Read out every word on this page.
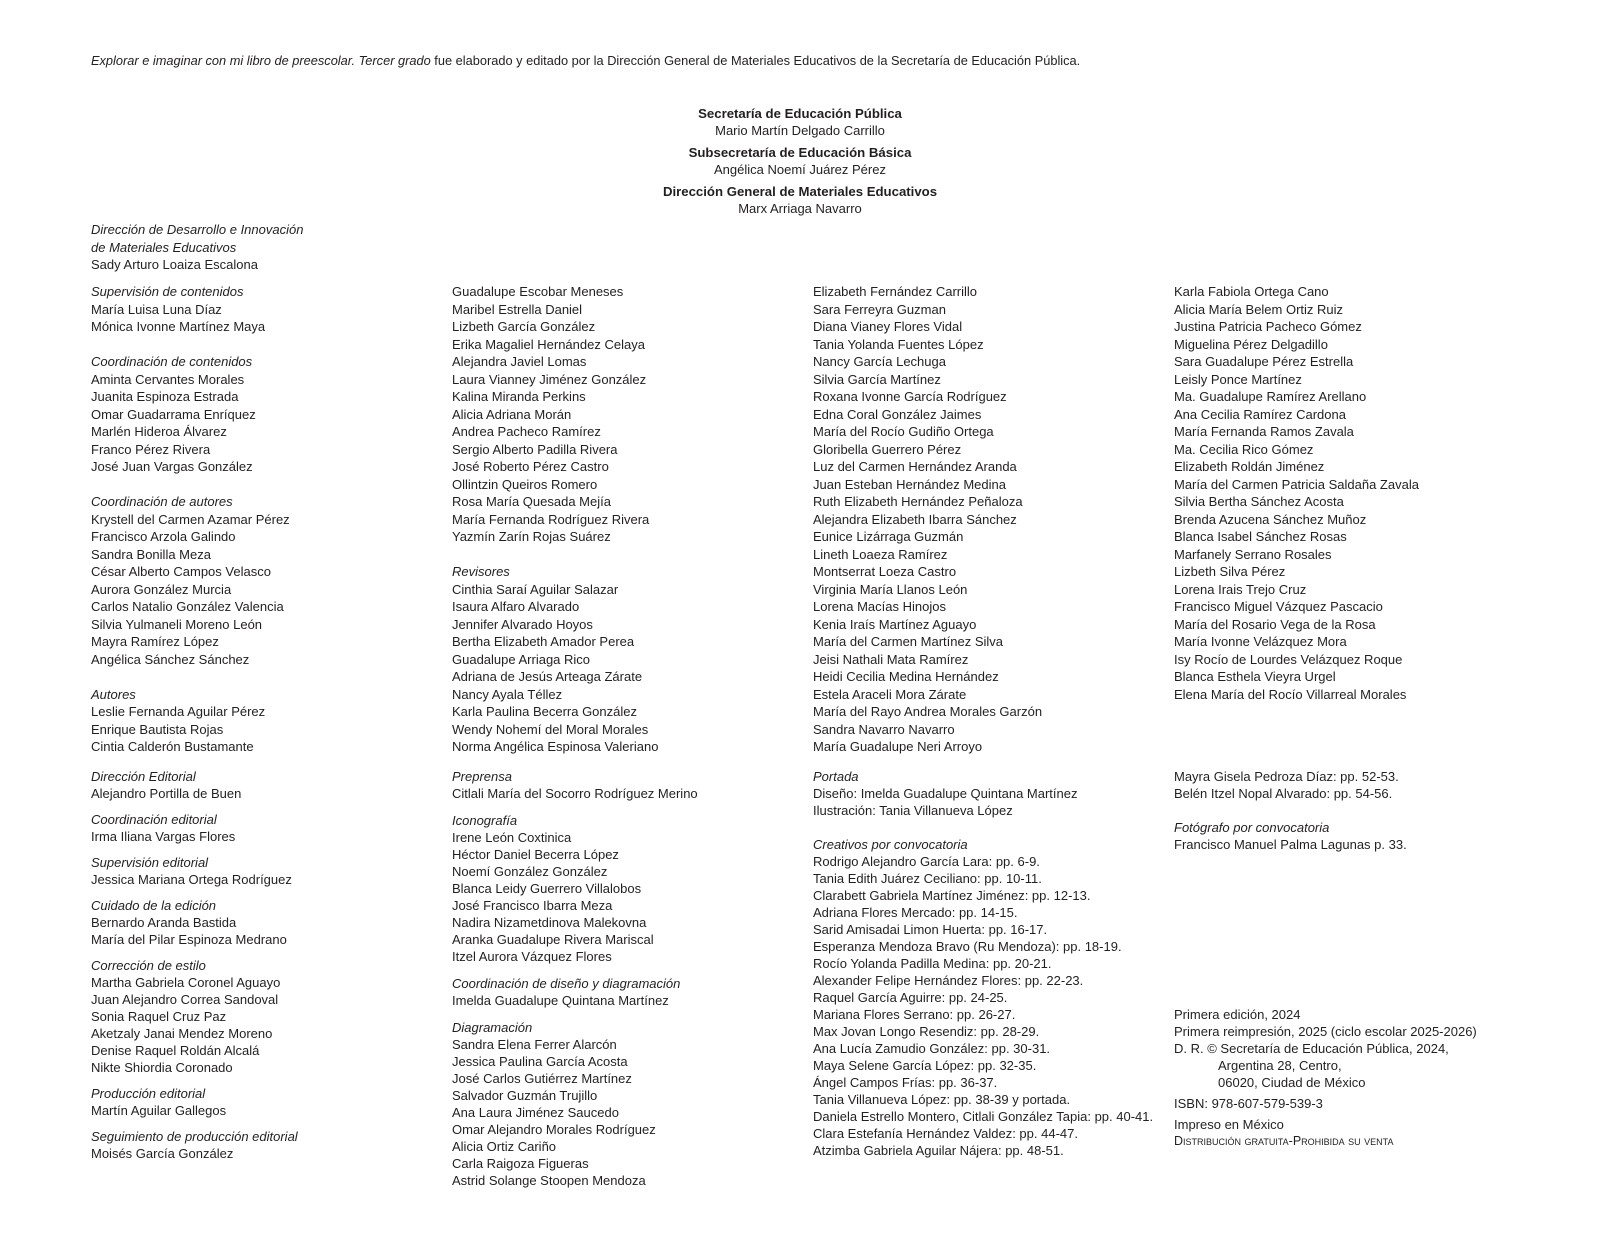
Explorar e imaginar con mi libro de preescolar. Tercer grado fue elaborado y editado por la Dirección General de Materiales Educativos de la Secretaría de Educación Pública.
Secretaría de Educación Pública
Mario Martín Delgado Carrillo
Subsecretaría de Educación Básica
Angélica Noemí Juárez Pérez
Dirección General de Materiales Educativos
Marx Arriaga Navarro
Dirección de Desarrollo e Innovación
de Materiales Educativos
Sady Arturo Loaiza Escalona
Supervisión de contenidos
María Luisa Luna Díaz
Mónica Ivonne Martínez Maya
Coordinación de contenidos
Aminta Cervantes Morales
Juanita Espinoza Estrada
Omar Guadarrama Enríquez
Marlén Hideroa Álvarez
Franco Pérez Rivera
José Juan Vargas González
Coordinación de autores
Krystell del Carmen Azamar Pérez
Francisco Arzola Galindo
Sandra Bonilla Meza
César Alberto Campos Velasco
Aurora González Murcia
Carlos Natalio González Valencia
Silvia Yulmaneli Moreno León
Mayra Ramírez López
Angélica Sánchez Sánchez
Autores
Leslie Fernanda Aguilar Pérez
Enrique Bautista Rojas
Cintia Calderón Bustamante
Guadalupe Escobar Meneses
Maribel Estrella Daniel
Lizbeth García González
Erika Magaliel Hernández Celaya
Alejandra Javiel Lomas
Laura Vianney Jiménez González
Kalina Miranda Perkins
Alicia Adriana Morán
Andrea Pacheco Ramírez
Sergio Alberto Padilla Rivera
José Roberto Pérez Castro
Ollintzin Queiros Romero
Rosa María Quesada Mejía
María Fernanda Rodríguez Rivera
Yazmín Zarín Rojas Suárez
Revisores
Cinthia Saraí Aguilar Salazar
Isaura Alfaro Alvarado
Jennifer Alvarado Hoyos
Bertha Elizabeth Amador Perea
Guadalupe Arriaga Rico
Adriana de Jesús Arteaga Zárate
Nancy Ayala Téllez
Karla Paulina Becerra González
Wendy Nohemí del Moral Morales
Norma Angélica Espinosa Valeriano
Elizabeth Fernández Carrillo
Sara Ferreyra Guzman
Diana Vianey Flores Vidal
Tania Yolanda Fuentes López
Nancy García Lechuga
Silvia García Martínez
Roxana Ivonne García Rodríguez
Edna Coral González Jaimes
María del Rocío Gudiño Ortega
Gloribella Guerrero Pérez
Luz del Carmen Hernández Aranda
Juan Esteban Hernández Medina
Ruth Elizabeth Hernández Peñaloza
Alejandra Elizabeth Ibarra Sánchez
Eunice Lizárraga Guzmán
Lineth Loaeza Ramírez
Montserrat Loeza Castro
Virginia María Llanos León
Lorena Macías Hinojos
Kenia Iraís Martínez Aguayo
María del Carmen Martínez Silva
Jeisi Nathali Mata Ramírez
Heidi Cecilia Medina Hernández
Estela Araceli Mora Zárate
María del Rayo Andrea Morales Garzón
Sandra Navarro Navarro
María Guadalupe Neri Arroyo
Karla Fabiola Ortega Cano
Alicia María Belem Ortiz Ruiz
Justina Patricia Pacheco Gómez
Miguelina Pérez Delgadillo
Sara Guadalupe Pérez Estrella
Leisly Ponce Martínez
Ma. Guadalupe Ramírez Arellano
Ana Cecilia Ramírez Cardona
María Fernanda Ramos Zavala
Ma. Cecilia Rico Gómez
Elizabeth Roldán Jiménez
María del Carmen Patricia Saldaña Zavala
Silvia Bertha Sánchez Acosta
Brenda Azucena Sánchez Muñoz
Blanca Isabel Sánchez Rosas
Marfanely Serrano Rosales
Lizbeth Silva Pérez
Lorena Irais Trejo Cruz
Francisco Miguel Vázquez Pascacio
María del Rosario Vega de la Rosa
María Ivonne Velázquez Mora
Isy Rocío de Lourdes Velázquez Roque
Blanca Esthela Vieyra Urgel
Elena María del Rocío Villarreal Morales
Dirección Editorial
Alejandro Portilla de Buen
Coordinación editorial
Irma Iliana Vargas Flores
Supervisión editorial
Jessica Mariana Ortega Rodríguez
Cuidado de la edición
Bernardo Aranda Bastida
María del Pilar Espinoza Medrano
Corrección de estilo
Martha Gabriela Coronel Aguayo
Juan Alejandro Correa Sandoval
Sonia Raquel Cruz Paz
Aketzaly Janai Mendez Moreno
Denise Raquel Roldán Alcalá
Nikte Shiordia Coronado
Producción editorial
Martín Aguilar Gallegos
Seguimiento de producción editorial
Moisés García González
Preprensa
Citlali María del Socorro Rodríguez Merino
Iconografía
Irene León Coxtinica
Héctor Daniel Becerra López
Noemí González González
Blanca Leidy Guerrero Villalobos
José Francisco Ibarra Meza
Nadira Nizametdinova Malekovna
Aranka Guadalupe Rivera Mariscal
Itzel Aurora Vázquez Flores
Coordinación de diseño y diagramación
Imelda Guadalupe Quintana Martínez
Diagramación
Sandra Elena Ferrer Alarcón
Jessica Paulina García Acosta
José Carlos Gutiérrez Martínez
Salvador Guzmán Trujillo
Ana Laura Jiménez Saucedo
Omar Alejandro Morales Rodríguez
Alicia Ortiz Cariño
Carla Raigoza Figueras
Astrid Solange Stoopen Mendoza
Portada
Diseño: Imelda Guadalupe Quintana Martínez
Ilustración: Tania Villanueva López
Creativos por convocatoria
Rodrigo Alejandro García Lara: pp. 6-9.
Tania Edith Juárez Ceciliano: pp. 10-11.
Clarabett Gabriela Martínez Jiménez: pp. 12-13.
Adriana Flores Mercado: pp. 14-15.
Sarid Amisadai Limon Huerta: pp. 16-17.
Esperanza Mendoza Bravo (Ru Mendoza): pp. 18-19.
Rocío Yolanda Padilla Medina: pp. 20-21.
Alexander Felipe Hernández Flores: pp. 22-23.
Raquel García Aguirre: pp. 24-25.
Mariana Flores Serrano: pp. 26-27.
Max Jovan Longo Resendiz: pp. 28-29.
Ana Lucía Zamudio González: pp. 30-31.
Maya Selene García López: pp. 32-35.
Ángel Campos Frías: pp. 36-37.
Tania Villanueva López: pp. 38-39 y portada.
Daniela Estrello Montero, Citlali González Tapia: pp. 40-41.
Clara Estefanía Hernández Valdez: pp. 44-47.
Atzimba Gabriela Aguilar Nájera: pp. 48-51.
Mayra Gisela Pedroza Díaz: pp. 52-53.
Belén Itzel Nopal Alvarado: pp. 54-56.
Fotógrafo por convocatoria
Francisco Manuel Palma Lagunas p. 33.
Primera edición, 2024
Primera reimpresión, 2025 (ciclo escolar 2025-2026)
D. R. © Secretaría de Educación Pública, 2024,
Argentina 28, Centro,
06020, Ciudad de México
ISBN: 978-607-579-539-3
Impreso en México
Distribución gratuita-Prohibida su venta
